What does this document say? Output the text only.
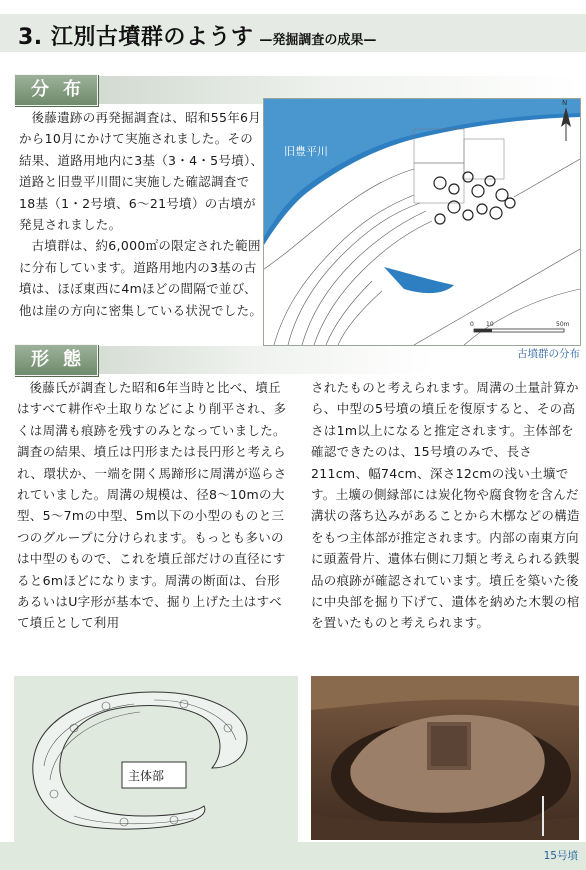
3. 江別古墳群のようす —発掘調査の成果—
分布

後藤遺跡の再発掘調査は、昭和55年6月から10月にかけて実施されました。その結果、道路用地内に3基（3・4・5号墳）、道路と旧豊平川間に実施した確認調査で18基（1・2号墳、6〜21号墳）の古墳が発見されました。

古墳群は、約6,000㎡の限定された範囲に分布しています。道路用地内の3基の古墳は、ほぼ東西に4mほどの間隔で並び、他は崖の方向に密集している状況でした。

旧豊平川
N
0 10	50m
古墳群の分布
形態

後藤氏が調査した昭和6年当時と比べ、墳丘はすべて耕作や土取りなどにより削平され、多くは周溝も痕跡を残すのみとなっていました。調査の結果、墳丘は円形または長円形と考えられ、環状か、一端を開く馬蹄形に周溝が巡らされていました。周溝の規模は、径8〜10mの大型、5〜7mの中型、5m以下の小型のものと三つのグループに分けられます。もっとも多いのは中型のもので、これを墳丘部だけの直径にすると6mほどになります。周溝の断面は、台形あるいはU字形が基本で、掘り上げた土はすべて墳丘として利用

されたものと考えられます。周溝の土量計算から、中型の5号墳の墳丘を復原すると、その高さは1m以上になると推定されます。主体部を確認できたのは、15号墳のみで、長さ211cm、幅74cm、深さ12cmの浅い土壙です。土壙の側縁部には炭化物や腐食物を含んだ溝状の落ち込みがあることから木槨などの構造をもつ主体部が推定されます。内部の南東方向に頭蓋骨片、遺体右側に刀類と考えられる鉄製品の痕跡が確認されています。墳丘を築いた後に中央部を掘り下げて、遺体を納めた木製の棺を置いたものと考えられます。

主体部
15号墳
